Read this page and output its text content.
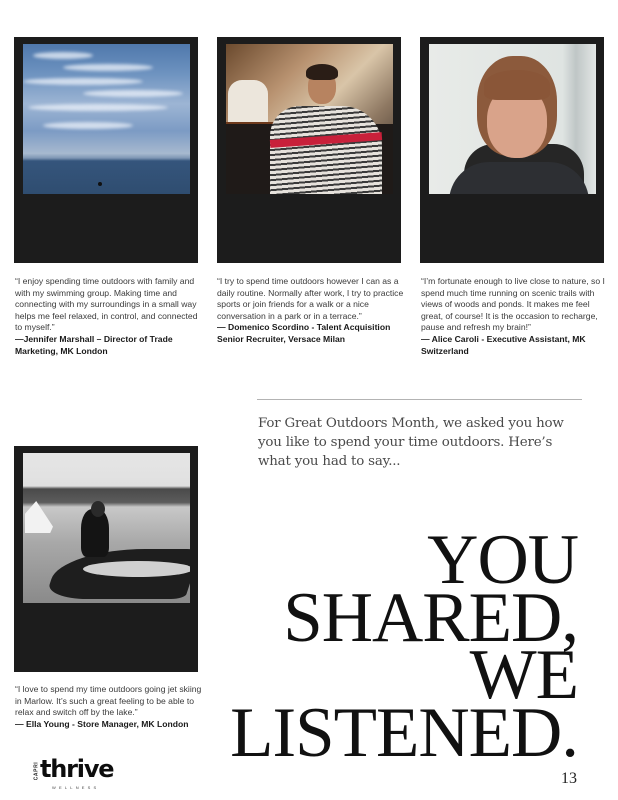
“I enjoy spending time outdoors with family and with my swimming group. Making time and connecting with my surroundings in a small way helps me feel relaxed, in control, and connected to myself.”
—Jennifer Marshall – Director of Trade Marketing, MK London
“I try to spend time outdoors however I can as a daily routine. Normally after work, I try to practice sports or join friends for a walk or a nice conversation in a park or in a terrace.”
— Domenico Scordino - Talent Acquisition Senior Recruiter, Versace Milan
“I’m fortunate enough to live close to nature, so I spend much time running on scenic trails with views of woods and ponds. It makes me feel great, of course! It is the occasion to recharge, pause and refresh my brain!”
— Alice Caroli - Executive Assistant, MK Switzerland

For Great Outdoors Month, we asked you how you like to spend your time outdoors. Here’s what you had to say...

“I love to spend my time outdoors going jet skiing in Marlow. It’s such a great feeling to be able to relax and switch off by the lake.”
— Ella Young - Store Manager, MK London
YOU
SHARED,
WE
LISTENED.
CAPRI thrive
WELLNESS
13
